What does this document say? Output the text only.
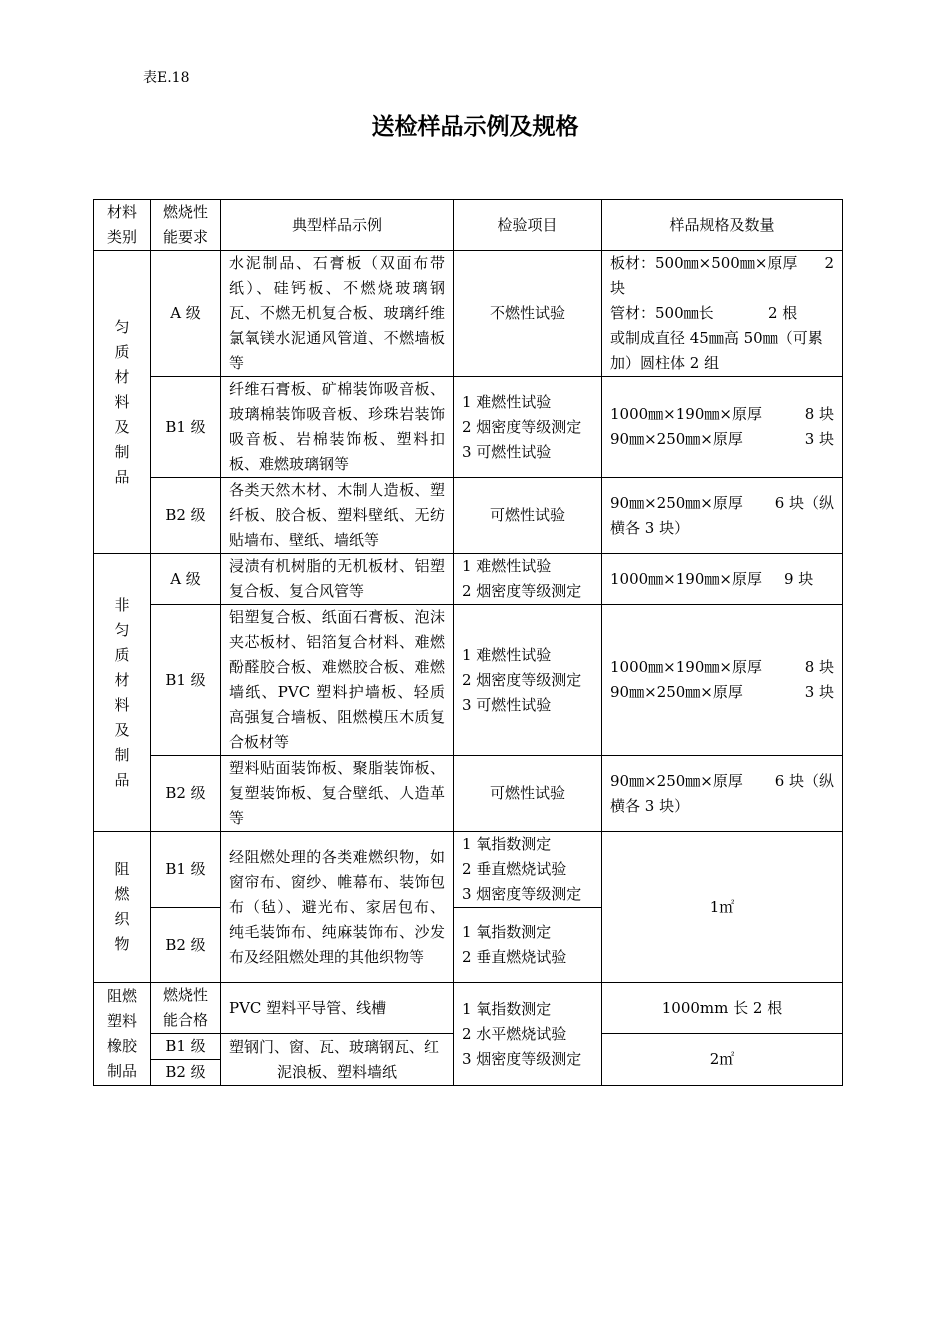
表E.18
送检样品示例及规格
材料
类别	燃烧性
能要求	典型样品示例	检验项目	样品规格及数量

匀质材料及制品	A 级	水泥制品、石膏板（双面布带纸）、硅钙板、不燃烧玻璃钢瓦、不燃无机复合板、玻璃纤维氯氧镁水泥通风管道、不燃墙板等	不燃性试验	板材：500㎜×500㎜×原厚 2
块
管材：500㎜长 2 根
或制成直径 45㎜高 50㎜（可累加）圆柱体 2 组

	B1 级	纤维石膏板、矿棉装饰吸音板、玻璃棉装饰吸音板、珍珠岩装饰吸音板、岩棉装饰板、塑料扣板、难燃玻璃钢等	1 难燃性试验
2 烟密度等级测定
3 可燃性试验	1000㎜×190㎜×原厚 8 块
90㎜×250㎜×原厚 3 块

	B2 级	各类天然木材、木制人造板、塑纤板、胶合板、塑料壁纸、无纺贴墙布、壁纸、墙纸等	可燃性试验	90㎜×250㎜×原厚 6 块（纵
横各 3 块）

非匀质材料及制品	A 级	浸渍有机树脂的无机板材、铝塑复合板、复合风管等	1 难燃性试验
2 烟密度等级测定	1000㎜×190㎜×原厚 9 块

	B1 级	铝塑复合板、纸面石膏板、泡沫夹芯板材、铝箔复合材料、难燃酚醛胶合板、难燃胶合板、难燃墙纸、PVC 塑料护墙板、轻质高强复合墙板、阻燃模压木质复合板材等	1 难燃性试验
2 烟密度等级测定
3 可燃性试验	1000㎜×190㎜×原厚 8 块
90㎜×250㎜×原厚 3 块

	B2 级	塑料贴面装饰板、聚脂装饰板、复塑装饰板、复合壁纸、人造革等	可燃性试验	90㎜×250㎜×原厚 6 块（纵
横各 3 块）

阻燃织物	B1 级	经阻燃处理的各类难燃织物，如窗帘布、窗纱、帷幕布、装饰包布（毡）、避光布、家居包布、纯毛装饰布、纯麻装饰布、沙发布及经阻燃处理的其他织物等	1 氧指数测定
2 垂直燃烧试验
3 烟密度等级测定	1㎡
	B2 级		1 氧指数测定
2 垂直燃烧试验	

阻燃
塑料
橡胶
制品	燃烧性
能合格	PVC 塑料平导管、线槽	1 氧指数测定
2 水平燃烧试验
3 烟密度等级测定	1000mm 长 2 根
	B1 级	塑钢门、窗、瓦、玻璃钢瓦、红
泥浪板、塑料墙纸		2㎡
	B2 级			
